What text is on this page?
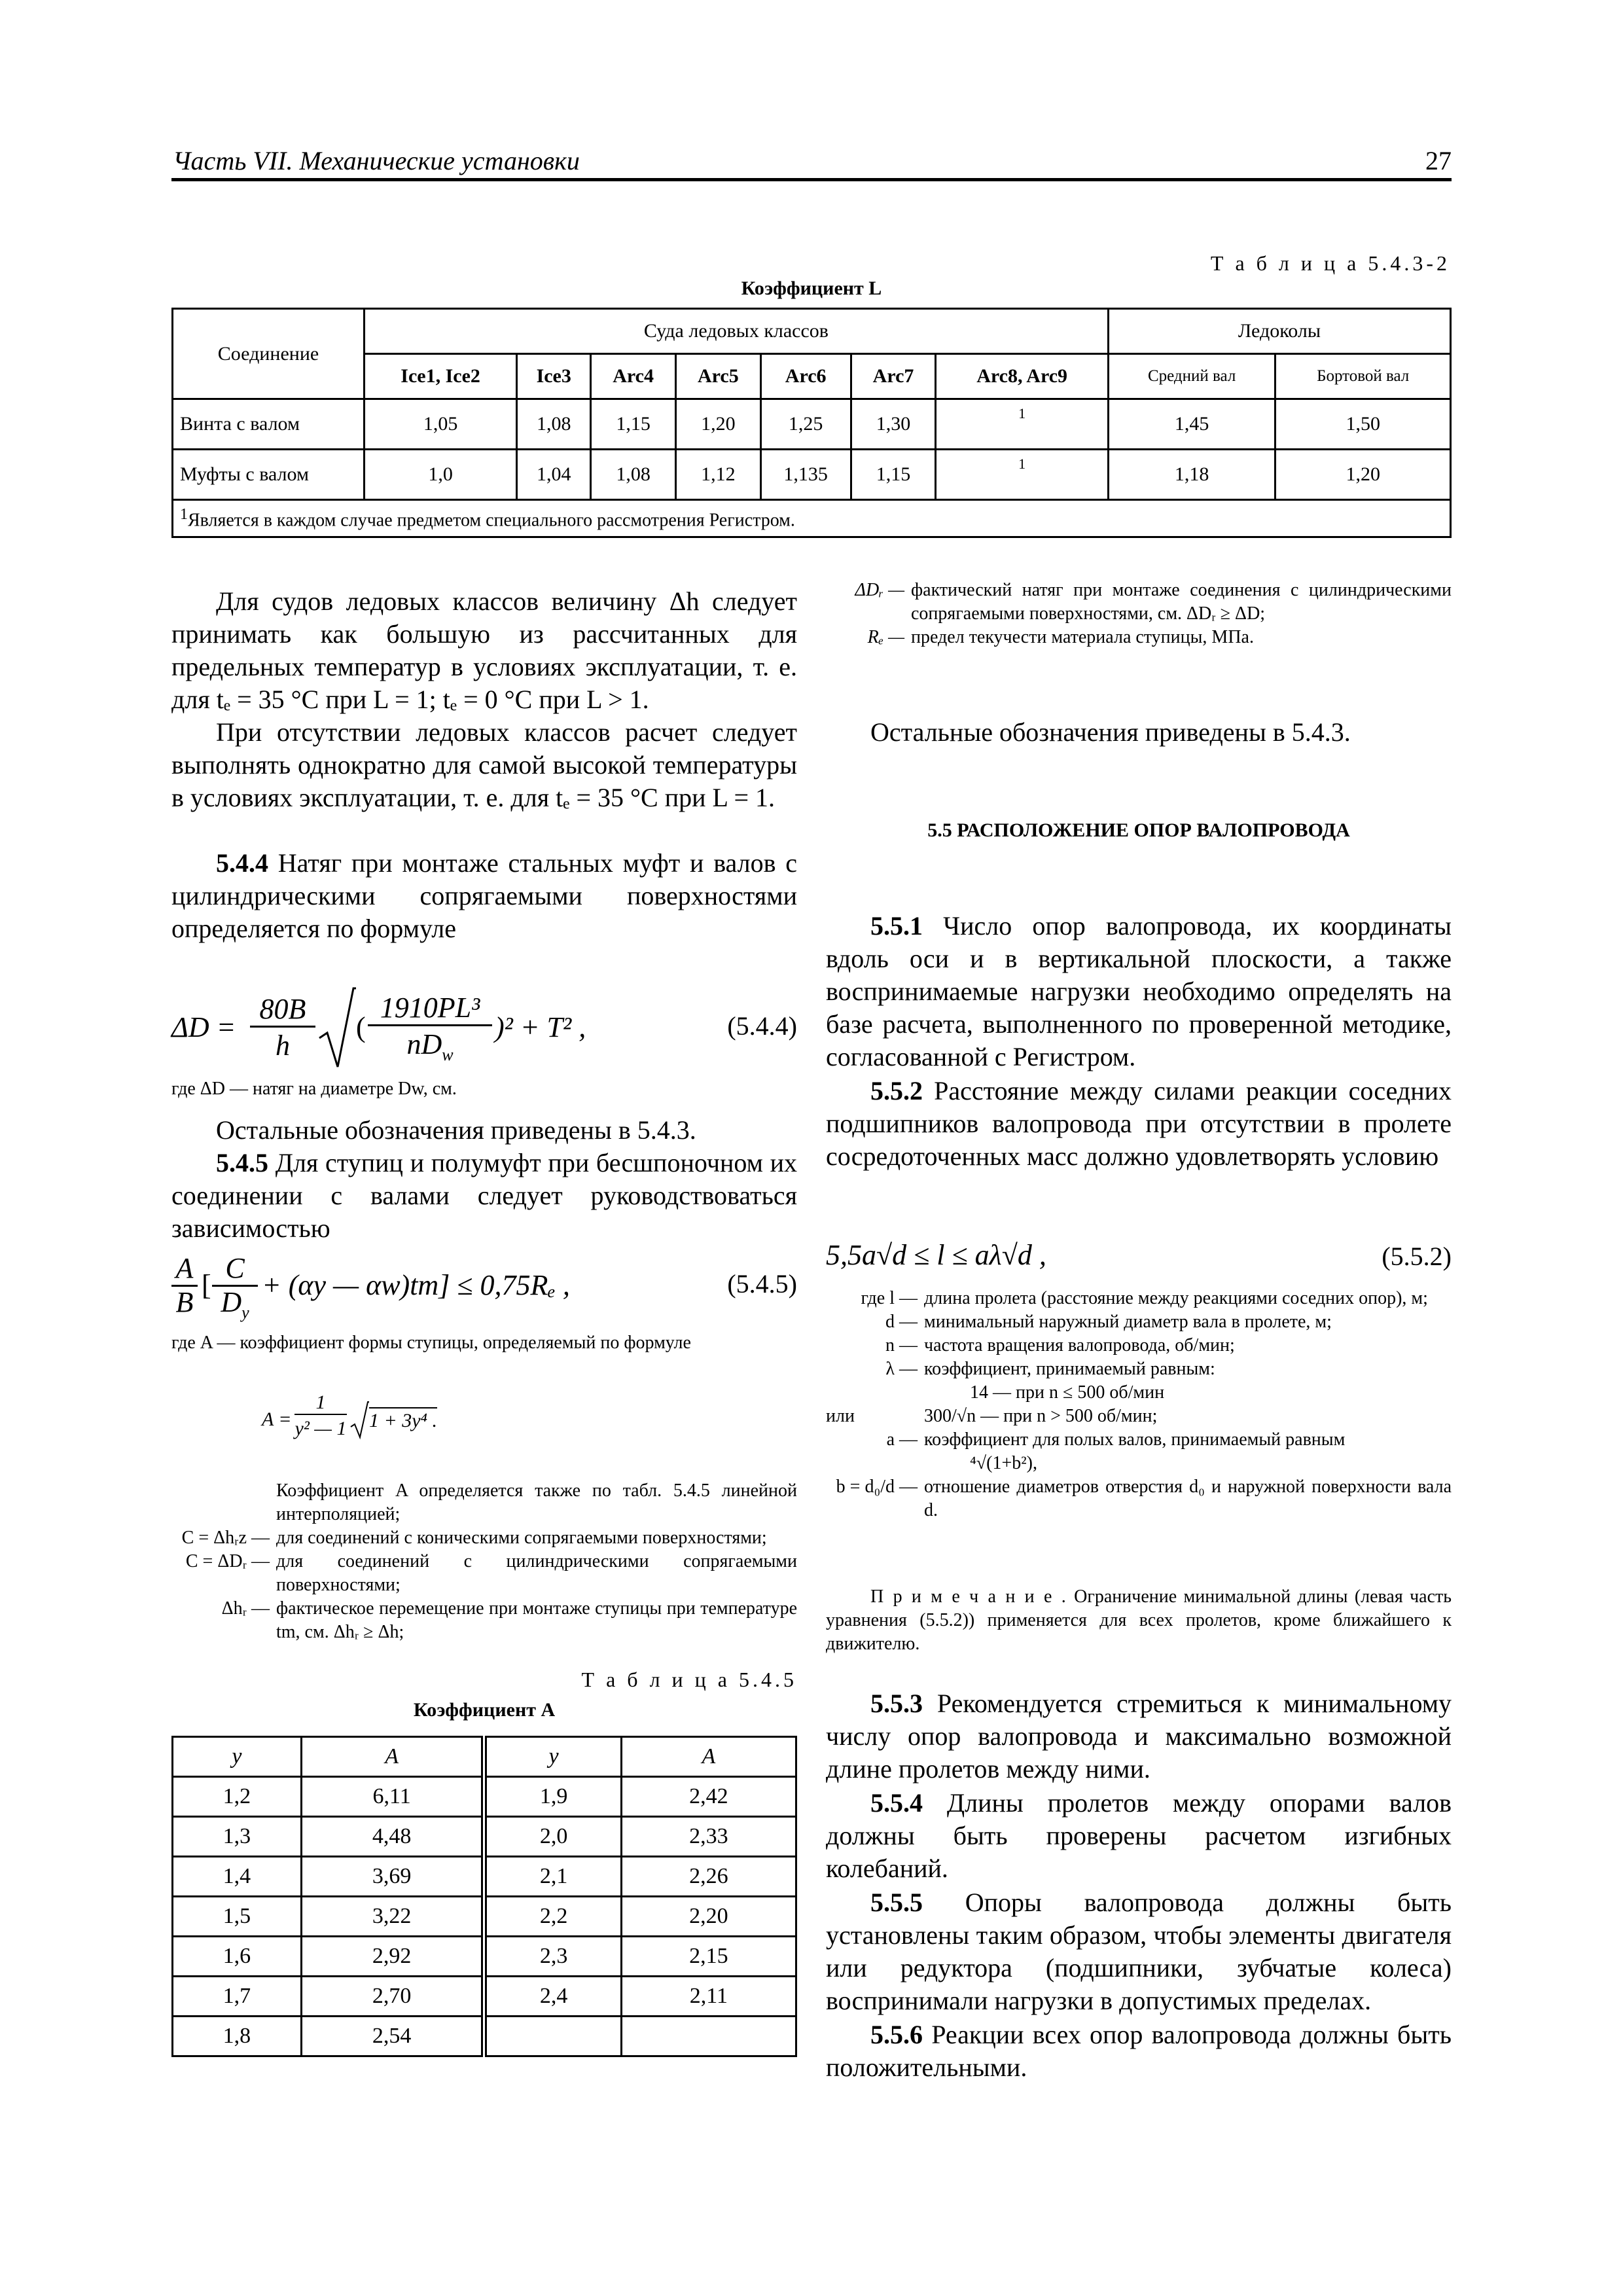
Часть VII. Механические установки	27
Т а б л и ц а 5.4.3-2
Коэффициент L
Соединение	Суда ледовых классов							Ледоколы	
	Ice1, Ice2	Ice3	Arc4	Arc5	Arc6	Arc7	Arc8, Arc9	Средний вал	Бортовой вал
Винта с валом	1,05	1,08	1,15	1,20	1,25	1,30	1	1,45	1,50
Муфты с валом	1,0	1,04	1,08	1,12	1,135	1,15	1	1,18	1,20
1Является в каждом случае предметом специального рассмотрения Регистром.									
Для судов ледовых классов величину Δh следует принимать как большую из рассчитанных для предельных температур в условиях эксплуатации, т. е. для tₑ = 35 °С при L = 1; tₑ = 0 °С при L > 1.
При отсутствии ледовых классов расчет следует выполнять однократно для самой высокой температуры в условиях эксплуатации, т. е. для tₑ = 35 °С при L = 1.
5.4.4 Натяг при монтаже стальных муфт и валов с цилиндрическими сопрягаемыми поверхностями определяется по формуле
ΔD =
80B
h
(
1910PL³
$nD_w$
)² + T² ,	(5.4.4)
где ΔD — натяг на диаметре Dw, см.
Остальные обозначения приведены в 5.4.3.
5.4.5 Для ступиц и полумуфт при бесшпоночном их соединении с валами следует руководствоваться зависимостью
A
B
[
C
$D_y$
+ (αy — αw)tm] ≤ 0,75Rₑ ,	(5.4.5)
где A — коэффициент формы ступицы, определяемый по формуле
A =
1
y² — 1 1 + 3y⁴ .
Коэффициент A определяется также по табл. 5.4.5 линейной интерполяцией;
C = Δhᵣz — для соединений с коническими сопрягаемыми поверхностями;
C = ΔDᵣ — для соединений с цилиндрическими сопрягаемыми поверхностями;
Δhᵣ — фактическое перемещение при монтаже ступицы при температуре tm, см. Δhᵣ ≥ Δh;
Т а б л и ц а 5.4.5
Коэффициент A
y	A	y	A
1,2	6,11	1,9	2,42
1,3	4,48	2,0	2,33
1,4	3,69	2,1	2,26
1,5	3,22	2,2	2,20
1,6	2,92	2,3	2,15
1,7	2,70	2,4	2,11
1,8	2,54		
ΔDᵣ — фактический натяг при монтаже соединения с цилиндрическими сопрягаемыми поверхностями, см. ΔDᵣ ≥ ΔD;
Rₑ — предел текучести материала ступицы, МПа.
Остальные обозначения приведены в 5.4.3.
5.5 РАСПОЛОЖЕНИЕ ОПОР ВАЛОПРОВОДА
5.5.1 Число опор валопровода, их координаты вдоль оси и в вертикальной плоскости, а также воспринимаемые нагрузки необходимо определять на базе расчета, выполненного по проверенной методике, согласованной с Регистром.
5.5.2 Расстояние между силами реакции соседних подшипников валопровода при отсутствии в пролете сосредоточенных масс должно удовлетворять условию
5,5a√d ≤ l ≤ aλ√d ,	(5.5.2)
где l — длина пролета (расстояние между реакциями соседних опор), м;
d — минимальный наружный диаметр вала в пролете, м;
n — частота вращения валопровода, об/мин;
λ — коэффициент, принимаемый равным:
14 — при n ≤ 500 об/мин
или	300/√n — при n > 500 об/мин;
a — коэффициент для полых валов, принимаемый равным
⁴√(1+b²),
b = d₀/d — отношение диаметров отверстия d₀ и наружной поверхности вала d.
П р и м е ч а н и е . Ограничение минимальной длины (левая часть уравнения (5.5.2)) применяется для всех пролетов, кроме ближайшего к движителю.
5.5.3 Рекомендуется стремиться к минимальному числу опор валопровода и максимально возможной длине пролетов между ними.
5.5.4 Длины пролетов между опорами валов должны быть проверены расчетом изгибных колебаний.
5.5.5 Опоры валопровода должны быть установлены таким образом, чтобы элементы двигателя или редуктора (подшипники, зубчатые колеса) воспринимали нагрузки в допустимых пределах.
5.5.6 Реакции всех опор валопровода должны быть положительными.
